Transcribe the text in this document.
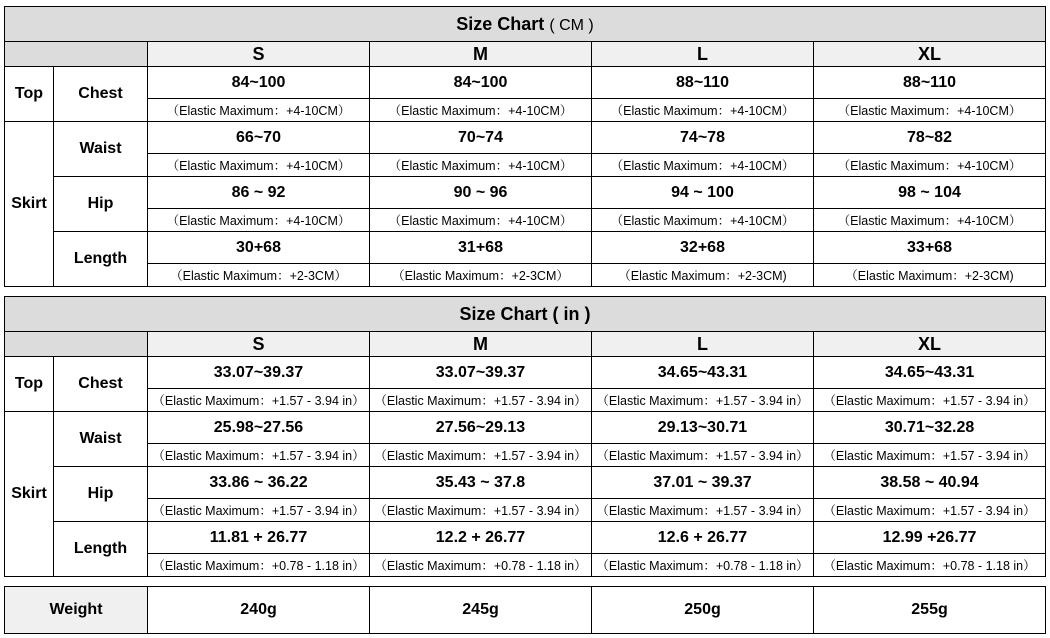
Size Chart ( CM )					
		S	M	L	XL
Top	Chest	84~100	84~100	88~110	88~110
		（Elastic Maximum：+4-10CM）	（Elastic Maximum：+4-10CM）	（Elastic Maximum：+4-10CM）	（Elastic Maximum：+4-10CM）
Skirt	Waist	66~70	70~74	74~78	78~82
		（Elastic Maximum：+4-10CM）	（Elastic Maximum：+4-10CM）	（Elastic Maximum：+4-10CM）	（Elastic Maximum：+4-10CM）
	Hip	86 ~ 92	90 ~ 96	94 ~ 100	98 ~ 104
		（Elastic Maximum：+4-10CM）	（Elastic Maximum：+4-10CM）	（Elastic Maximum：+4-10CM）	（Elastic Maximum：+4-10CM）
	Length	30+68	31+68	32+68	33+68
		（Elastic Maximum：+2-3CM）	（Elastic Maximum：+2-3CM）	（Elastic Maximum：+2-3CM)	（Elastic Maximum：+2-3CM)
Size Chart ( in )					
		S	M	L	XL
Top	Chest	33.07~39.37	33.07~39.37	34.65~43.31	34.65~43.31
		（Elastic Maximum：+1.57 - 3.94 in）	（Elastic Maximum：+1.57 - 3.94 in）	（Elastic Maximum：+1.57 - 3.94 in）	（Elastic Maximum：+1.57 - 3.94 in）
Skirt	Waist	25.98~27.56	27.56~29.13	29.13~30.71	30.71~32.28
		（Elastic Maximum：+1.57 - 3.94 in）	（Elastic Maximum：+1.57 - 3.94 in）	（Elastic Maximum：+1.57 - 3.94 in）	（Elastic Maximum：+1.57 - 3.94 in）
	Hip	33.86 ~ 36.22	35.43 ~ 37.8	37.01 ~ 39.37	38.58 ~ 40.94
		（Elastic Maximum：+1.57 - 3.94 in）	（Elastic Maximum：+1.57 - 3.94 in）	（Elastic Maximum：+1.57 - 3.94 in）	（Elastic Maximum：+1.57 - 3.94 in）
	Length	11.81 + 26.77	12.2 + 26.77	12.6 + 26.77	12.99 +26.77
		（Elastic Maximum：+0.78 - 1.18 in）	（Elastic Maximum：+0.78 - 1.18 in）	（Elastic Maximum：+0.78 - 1.18 in）	（Elastic Maximum：+0.78 - 1.18 in）
Weight	240g	245g	250g	255g
